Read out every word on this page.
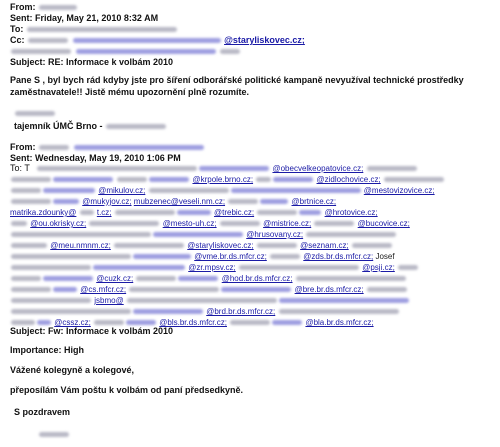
From:
Sent: Friday, May 21, 2010 8:32 AM
To:
Cc:	@staryliskovec.cz;

Subject: RE: Informace k volbám 2010
Pane S , byl bych rád kdyby jste pro šíření odborářské politické kampaně nevyužíval technické prostředky
zaměstnavatele!! Jistě mému upozornění plně rozumíte.
tajemník ÚMČ Brno -
From:
Sent: Wednesday, May 19, 2010 1:06 PM
To: T	@obecvelkeopatovice.cz;
@krpole.brno.cz;	@zidlochovice.cz;
@mikulov.cz;	@mestovizovice.cz;
@mukyjov.cz; mubzenec@veseli.nm.cz;	@brtnice.cz;
matrika.zdounky@	t.cz;	@trebic.cz;	@hrotovice.cz;
@ou.okrisky.cz;	@mesto-uh.cz;	@mistrice.cz;	@bucovice.cz;
@hrusovany.cz;
@meu.nmnm.cz;	@staryliskovec.cz;	@seznam.cz;
@vme.br.ds.mfcr.cz;	@zds.br.ds.mfcr.cz; Josef
@zr.mpsv.cz;	@psji.cz;
@cuzk.cz;	@hod.br.ds.mfcr.cz;
@cs.mfcr.cz;	@bre.br.ds.mfcr.cz;
jsbmo@
@brd.br.ds.mfcr.cz;
@cssz.cz;	@bls.br.ds.mfcr.cz;	@bla.br.ds.mfcr.cz;
Subject: Fw: Informace k volbám 2010
Importance: High
Vážené kolegyně a kolegové,
přeposílám Vám poštu k volbám od paní předsedkyně.
S pozdravem
